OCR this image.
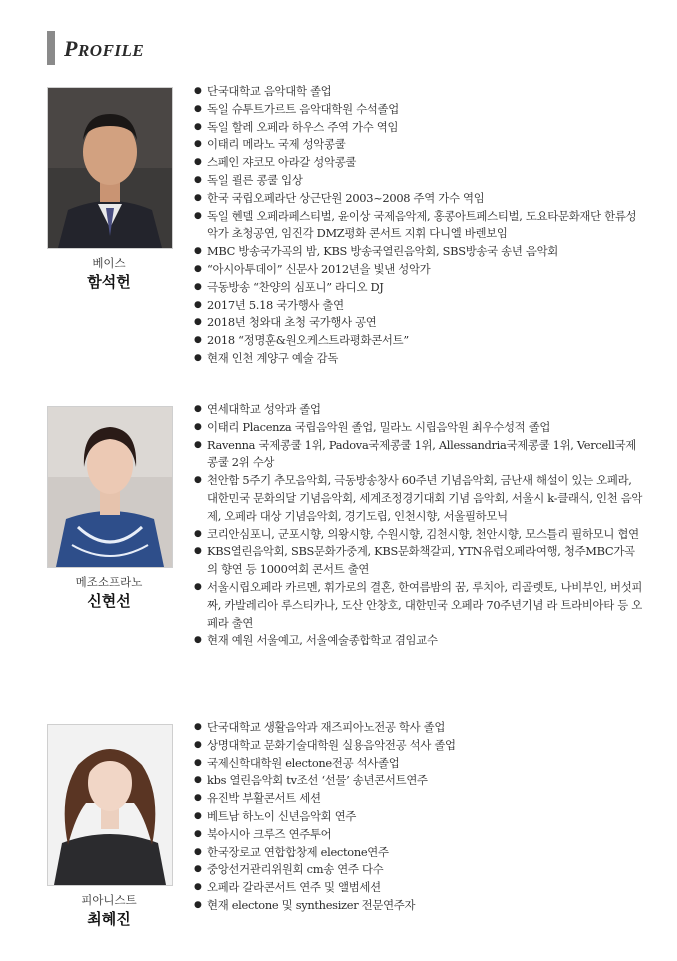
PROFILE
베이스
함석헌
● 단국대학교 음악대학 졸업
● 독일 슈투트가르트 음악대학원 수석졸업
● 독일 할레 오페라 하우스 주역 가수 역임
● 이태리 메라노 국제 성악콩쿨
● 스페인 쟈코모 아라갈 성악콩쿨
● 독일 쾰른 콩쿨 입상
● 한국 국립오페라단 상근단원 2003~2008 주역 가수 역임
● 독일 헨델 오페라페스티벌, 윤이상 국제음악제, 홍콩아트페스티벌, 도요타문화재단 한류성악가 초청공연, 임진각 DMZ평화 콘서트 지휘 다니엘 바렌보임
● MBC 방송국가곡의 밤, KBS 방송국열린음악회, SBS방송국 송년 음악회
● “아시아투데이” 신문사 2012년을 빛낸 성악가
● 극동방송 “찬양의 심포니” 라디오 DJ
● 2017년 5.18 국가행사 출연
● 2018년 청와대 초청 국가행사 공연
● 2018 “정명훈&원오케스트라평화콘서트”
● 현재 인천 계양구 예술 감독
메조소프라노
신현선
● 연세대학교 성악과 졸업
● 이태리 Placenza 국립음악원 졸업, 밀라노 시립음악원 최우수성적 졸업
● Ravenna 국제콩쿨 1위, Padova국제콩쿨 1위, Allessandria국제콩쿨 1위, Vercell국제콩쿨 2위 수상
● 천안함 5주기 추모음악회, 극동방송창사 60주년 기념음악회, 금난새 해설이 있는 오페라, 대한민국 문화의달 기념음악회, 세계조정경기대회 기념 음악회, 서울시 k-클래식, 인천 음악제, 오페라 대상 기념음악회, 경기도립, 인천시향, 서울필하모닉
● 코리안심포니, 군포시향, 의왕시향, 수원시향, 김천시향, 천안시향, 모스틀리 필하모니 협연
● KBS열린음악회, SBS문화가중계, KBS문화책갈피, YTN유럽오페라여행, 청주MBC가곡의 향연 등 1000여회 콘서트 출연
● 서울시립오페라 카르멘, 휘가로의 결혼, 한여름밤의 꿈, 루치아, 리골렛토, 나비부인, 버섯피짜, 카발레리아 루스티카나, 도산 안창호, 대한민국 오페라 70주년기념 라 트라비아타 등 오페라 출연
● 현재 예원 서울예고, 서울예술종합학교 겸임교수
피아니스트
최혜진
● 단국대학교 생활음악과 재즈피아노전공 학사 졸업
● 상명대학교 문화기술대학원 실용음악전공 석사 졸업
● 국제신학대학원 electone전공 석사졸업
● kbs 열린음악회 tv조선 ‘선물’ 송년콘서트연주
● 유진박 부활콘서트 세션
● 베트남 하노이 신년음악회 연주
● 북아시아 크루즈 연주투어
● 한국장로교 연합합창제 electone연주
● 중앙선거관리위원회 cm송 연주 다수
● 오페라 갈라콘서트 연주 및 앨범세션
● 현재 electone 및 synthesizer 전문연주자
